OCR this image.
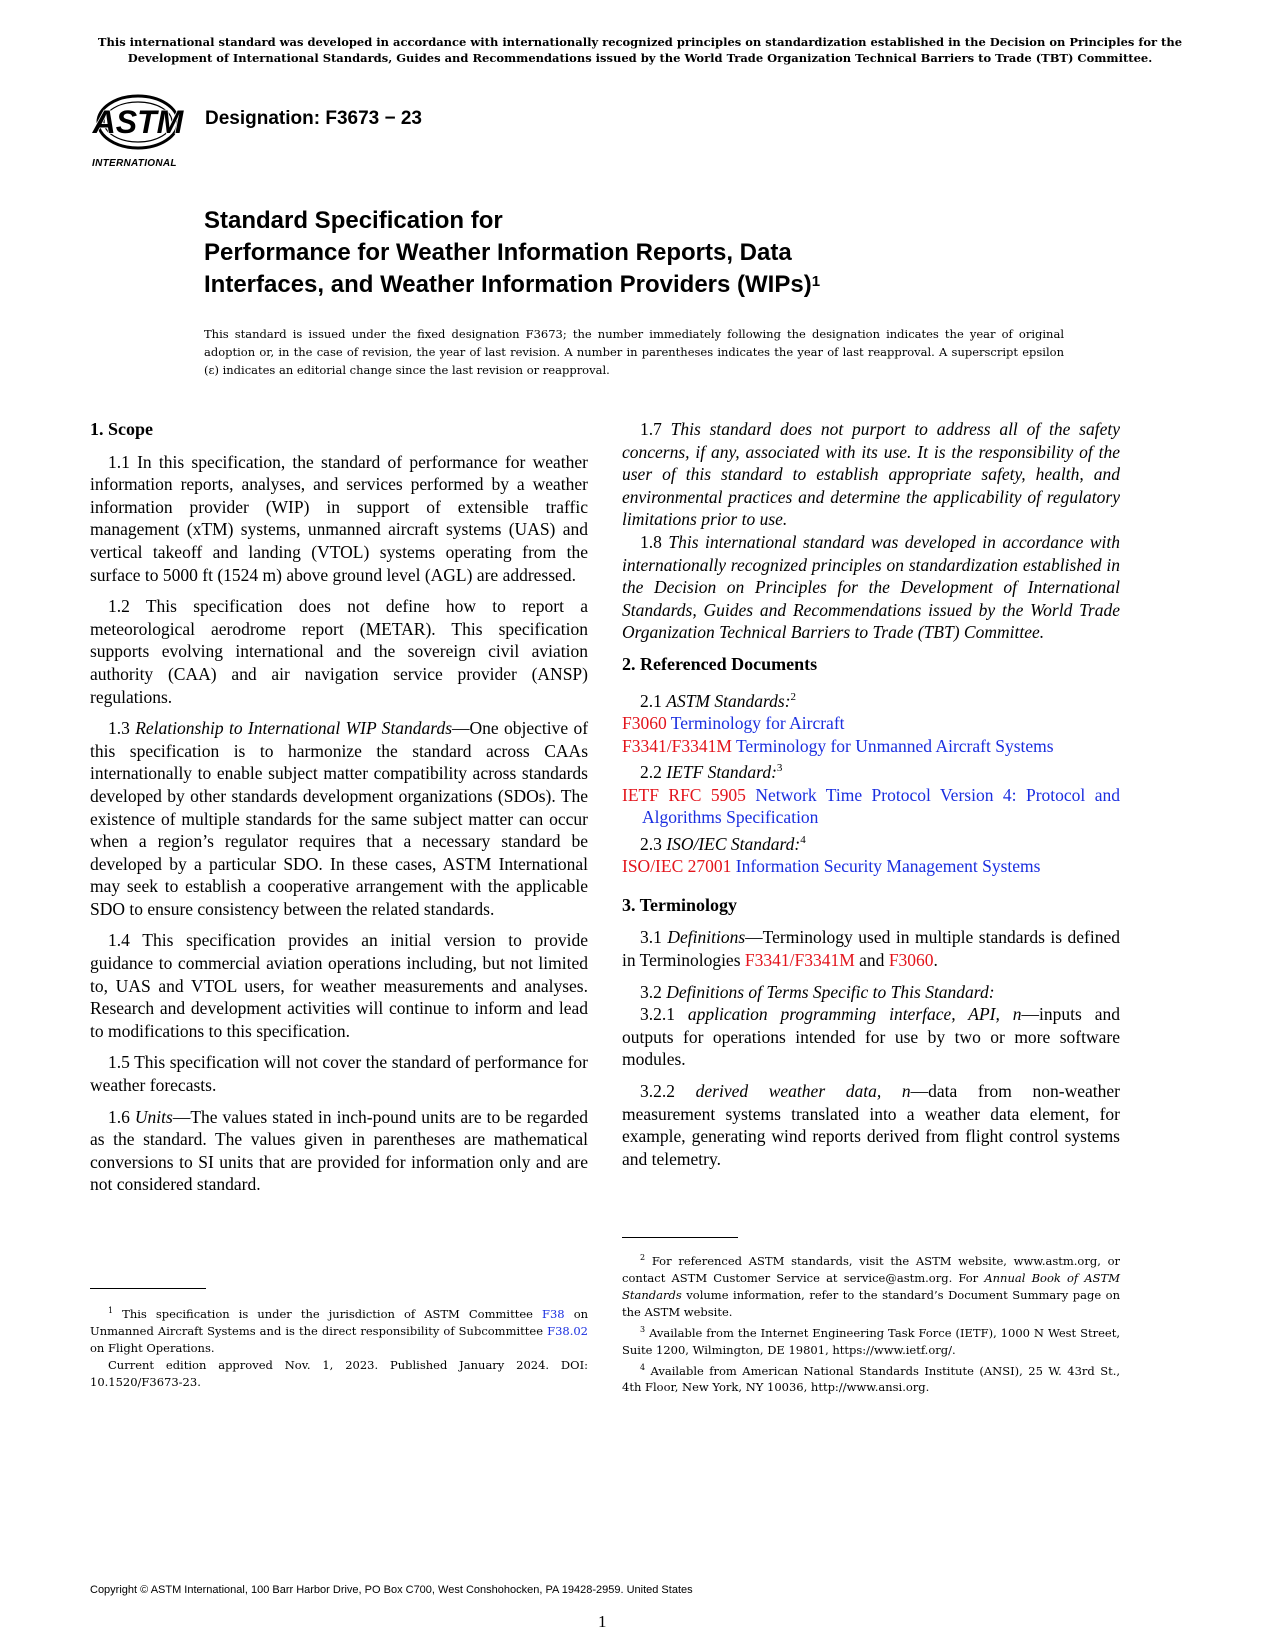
This international standard was developed in accordance with internationally recognized principles on standardization established in the Decision on Principles for the Development of International Standards, Guides and Recommendations issued by the World Trade Organization Technical Barriers to Trade (TBT) Committee.
ASTM
INTERNATIONAL
Designation: F3673 − 23
Standard Specification for
Performance for Weather Information Reports, Data
Interfaces, and Weather Information Providers (WIPs)$^1$
This standard is issued under the fixed designation F3673; the number immediately following the designation indicates the year of original adoption or, in the case of revision, the year of last revision. A number in parentheses indicates the year of last reapproval. A superscript epsilon (ε) indicates an editorial change since the last revision or reapproval.
1. Scope

1.1 In this specification, the standard of performance for weather information reports, analyses, and services performed by a weather information provider (WIP) in support of extensible traffic management (xTM) systems, unmanned aircraft systems (UAS) and vertical takeoff and landing (VTOL) systems operating from the surface to 5000 ft (1524 m) above ground level (AGL) are addressed.

1.2 This specification does not define how to report a meteorological aerodrome report (METAR). This specification supports evolving international and the sovereign civil aviation authority (CAA) and air navigation service provider (ANSP) regulations.

1.3 Relationship to International WIP Standards—One objective of this specification is to harmonize the standard across CAAs internationally to enable subject matter compatibility across standards developed by other standards development organizations (SDOs). The existence of multiple standards for the same subject matter can occur when a region’s regulator requires that a necessary standard be developed by a particular SDO. In these cases, ASTM International may seek to establish a cooperative arrangement with the applicable SDO to ensure consistency between the related standards.

1.4 This specification provides an initial version to provide guidance to commercial aviation operations including, but not limited to, UAS and VTOL users, for weather measurements and analyses. Research and development activities will continue to inform and lead to modifications to this specification.

1.5 This specification will not cover the standard of performance for weather forecasts.

1.6 Units—The values stated in inch-pound units are to be regarded as the standard. The values given in parentheses are mathematical conversions to SI units that are provided for information only and are not considered standard.

1.7 This standard does not purport to address all of the safety concerns, if any, associated with its use. It is the responsibility of the user of this standard to establish appropriate safety, health, and environmental practices and determine the applicability of regulatory limitations prior to use.

1.8 This international standard was developed in accordance with internationally recognized principles on standardization established in the Decision on Principles for the Development of International Standards, Guides and Recommendations issued by the World Trade Organization Technical Barriers to Trade (TBT) Committee.

2. Referenced Documents

2.1 ASTM Standards:$^2$

F3060 Terminology for Aircraft

F3341/F3341M Terminology for Unmanned Aircraft Systems

2.2 IETF Standard:$^3$

IETF RFC 5905 Network Time Protocol Version 4: Protocol and Algorithms Specification

2.3 ISO/IEC Standard:$^4$

ISO/IEC 27001 Information Security Management Systems

3. Terminology

3.1 Definitions—Terminology used in multiple standards is defined in Terminologies F3341/F3341M and F3060.

3.2 Definitions of Terms Specific to This Standard:

3.2.1 application programming interface, API, n—inputs and outputs for operations intended for use by two or more software modules.

3.2.2 derived weather data, n—data from non-weather measurement systems translated into a weather data element, for example, generating wind reports derived from flight control systems and telemetry.

$^1$ This specification is under the jurisdiction of ASTM Committee F38 on Unmanned Aircraft Systems and is the direct responsibility of Subcommittee F38.02 on Flight Operations.

Current edition approved Nov. 1, 2023. Published January 2024. DOI: 10.1520/F3673-23.

$^2$ For referenced ASTM standards, visit the ASTM website, www.astm.org, or contact ASTM Customer Service at service@astm.org. For Annual Book of ASTM Standards volume information, refer to the standard’s Document Summary page on the ASTM website.

$^3$ Available from the Internet Engineering Task Force (IETF), 1000 N West Street, Suite 1200, Wilmington, DE 19801, https://www.ietf.org/.

$^4$ Available from American National Standards Institute (ANSI), 25 W. 43rd St., 4th Floor, New York, NY 10036, http://www.ansi.org.

Copyright © ASTM International, 100 Barr Harbor Drive, PO Box C700, West Conshohocken, PA 19428-2959. United States
1
